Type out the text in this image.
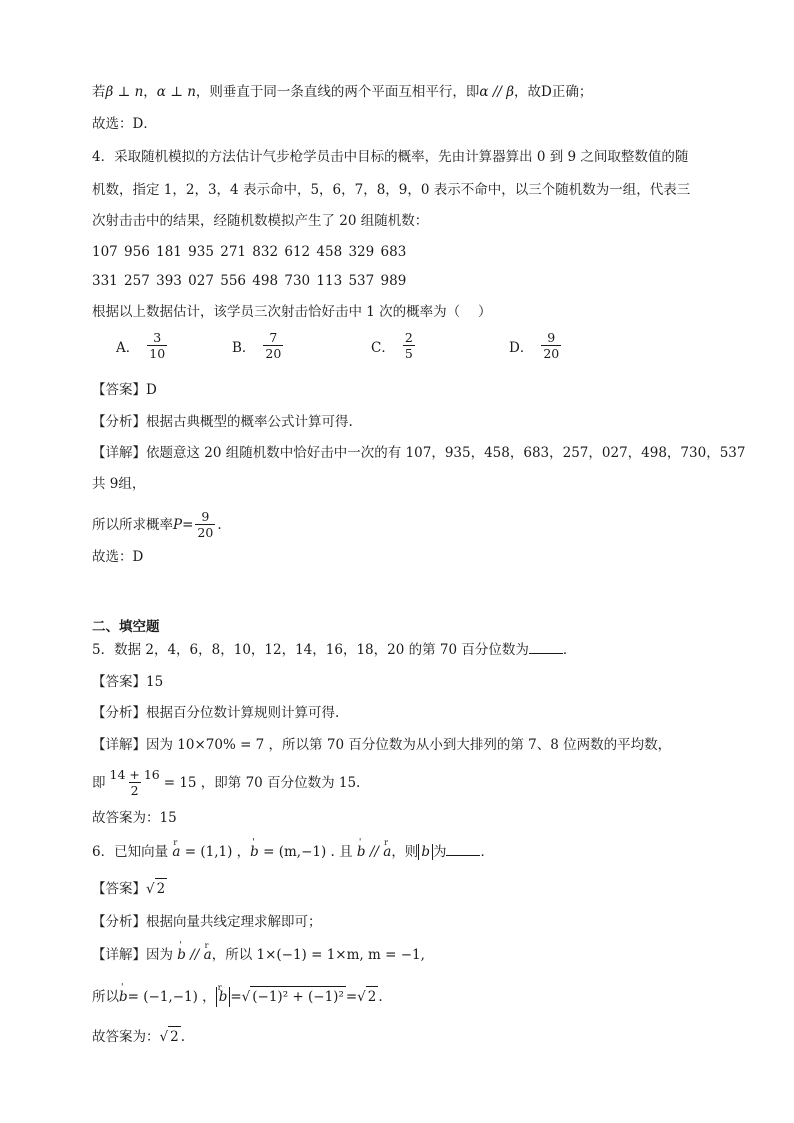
若β ⊥ n，α ⊥ n，则垂直于同一条直线的两个平面互相平行，即α // β，故D正确；
故选：D．
4．采取随机模拟的方法估计气步枪学员击中目标的概率，先由计算器算出 0 到 9 之间取整数值的随
机数，指定 1，2，3，4 表示命中，5，6，7，8，9，0 表示不命中，以三个随机数为一组，代表三
次射击击中的结果，经随机数模拟产生了 20 组随机数：
107 956 181 935 271 832 612 458 329 683
331 257 393 027 556 498 730 113 537 989
根据以上数据估计，该学员三次射击恰好击中 1 次的概率为（　 ）
A． $\frac{3}{10}$	B． $\frac{7}{20}$	C． $\frac{2}{5}$	D． $\frac{9}{20}$
【答案】D
【分析】根据古典概型的概率公式计算可得.
【详解】依题意这 20 组随机数中恰好击中一次的有 107，935，458，683，257，027，498，730，537
共 9组，
所以所求概率 $P = \frac{9}{20}$ .
故选：D
二、填空题
5．数据 2，4，6，8，10，12，14，16，18，20 的第 70 百分位数为	．
【答案】15
【分析】根据百分位数计算规则计算可得.
【详解】因为 10×70% = 7 ，所以第 70 百分位数为从小到大排列的第 7、8 位两数的平均数，
即 $\frac{14 + 16}{2} = 15$ ，即第 70 百分位数为 15.
故答案为：15
6．已知向量 r a = (1,1) ，' b = (m,−1) . 且 ' b // r a，则 b 为	．
【答案】 √ 2
【分析】根据向量共线定理求解即可；
【详解】因为 ' b // r a，所以 1×(−1) = 1×m, m = −1,
所以 ' b = (−1,−1) ， r b = √ (−1)² + (−1)² = √ 2 .
故答案为： √ 2 .
